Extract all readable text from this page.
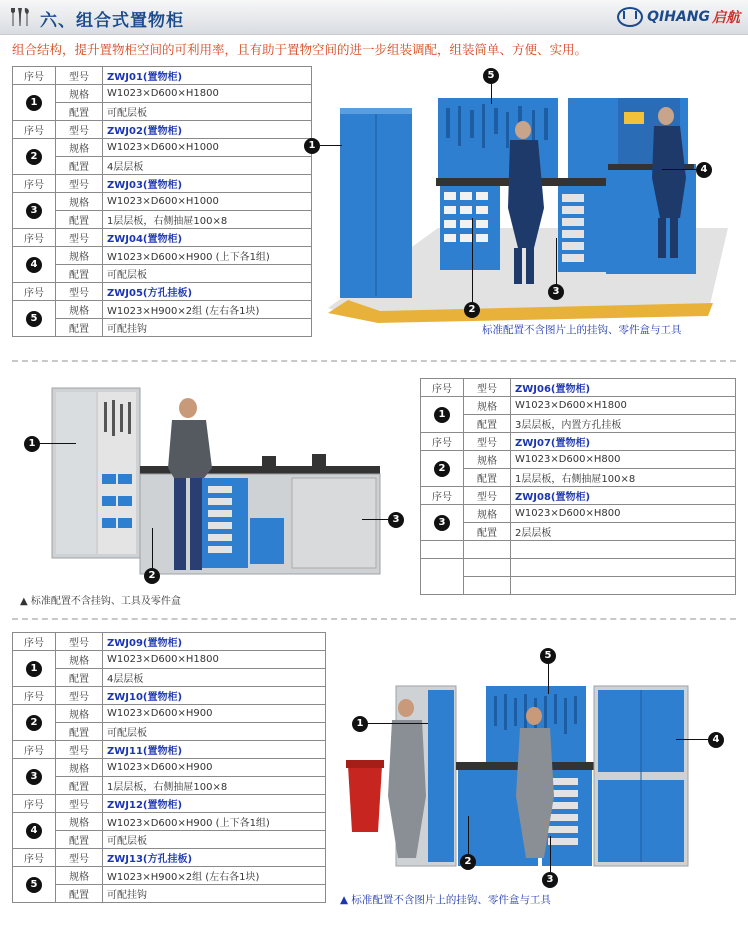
六、组合式置物柜	QIHANG 启航
组合结构，提升置物柜空间的可利用率，且有助于置物空间的进一步组装调配，组装简单、方便、实用。
序号	型号	ZWJ01(置物柜)
1	规格	W1023×D600×H1800
	配置	可配层板
序号	型号	ZWJ02(置物柜)
2	规格	W1023×D600×H1000
	配置	4层层板
序号	型号	ZWJ03(置物柜)
3	规格	W1023×D600×H1000
	配置	1层层板，右侧抽屉100×8
序号	型号	ZWJ04(置物柜)
4	规格	W1023×D600×H900 (上下各1组)
	配置	可配层板
序号	型号	ZWJ05(方孔挂板)
5	规格	W1023×H900×2组 (左右各1块)
	配置	可配挂钩
1
5
4
2
3
标准配置不含图片上的挂钩、零件盒与工具
1
2
3
▲ 标准配置不含挂钩、工具及零件盒
序号	型号	ZWJ06(置物柜)
1	规格	W1023×D600×H1800
	配置	3层层板，内置方孔挂板
序号	型号	ZWJ07(置物柜)
2	规格	W1023×D600×H800
	配置	1层层板，右侧抽屉100×8
序号	型号	ZWJ08(置物柜)
3	规格	W1023×D600×H800
	配置	2层层板

序号	型号	ZWJ09(置物柜)
1	规格	W1023×D600×H1800
	配置	4层层板
序号	型号	ZWJ10(置物柜)
2	规格	W1023×D600×H900
	配置	可配层板
序号	型号	ZWJ11(置物柜)
3	规格	W1023×D600×H900
	配置	1层层板，右侧抽屉100×8
序号	型号	ZWJ12(置物柜)
4	规格	W1023×D600×H900 (上下各1组)
	配置	可配层板
序号	型号	ZWJ13(方孔挂板)
5	规格	W1023×H900×2组 (左右各1块)
	配置	可配挂钩
1
5
4
2
3
▲ 标准配置不含图片上的挂钩、零件盒与工具
